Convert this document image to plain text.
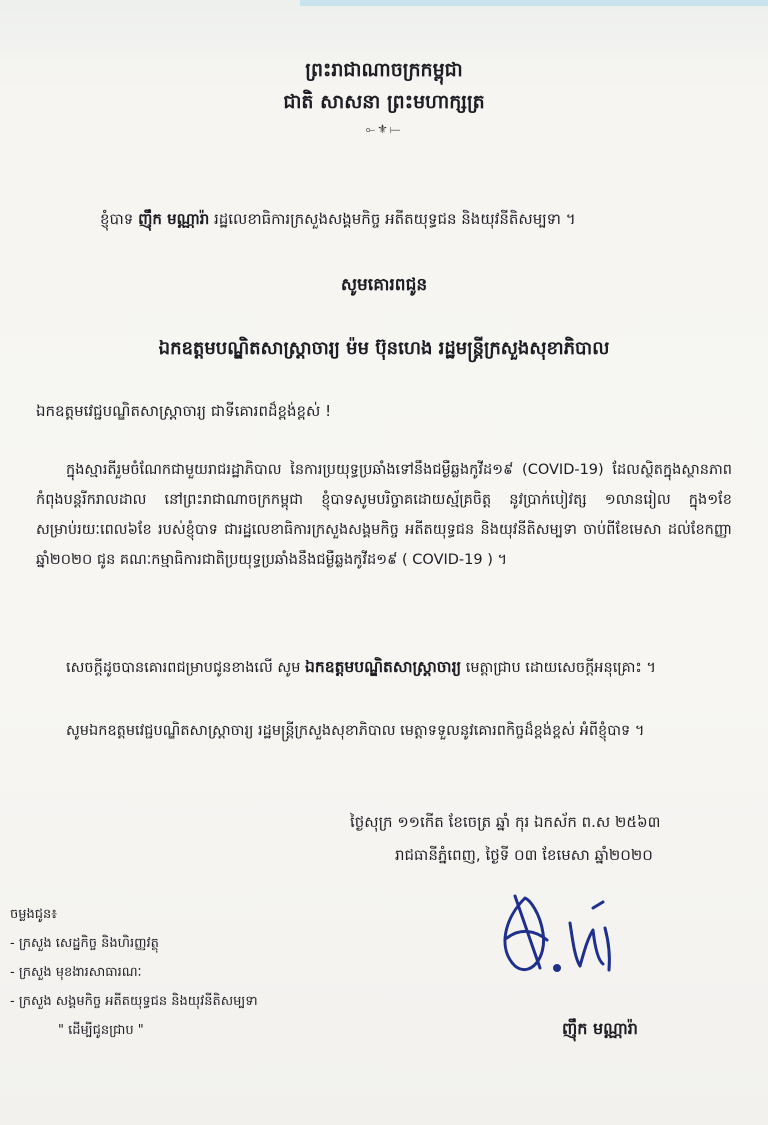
ព្រះរាជាណាចក្រកម្ពុជា
ជាតិ សាសនា ព្រះមហាក្សត្រ
⟜⚜⟝
ខ្ញុំបាទ ញ៉ឹក មណ្ណារ៉ា រដ្ឋលេខាធិការក្រសួងសង្គមកិច្ច អតីតយុទ្ធជន និងយុវនីតិសម្បទា ។
សូមគោរពជូន
ឯកឧត្តមបណ្ឌិតសាស្ត្រាចារ្យ ម៉ម ប៊ុនហេង រដ្ឋមន្ត្រីក្រសួងសុខាភិបាល
ឯកឧត្តមវេជ្ជបណ្ឌិតសាស្ត្រាចារ្យ ជាទីគោរពដ៏ខ្ពង់ខ្ពស់ !
ក្នុងស្មារតីរួមចំណែកជាមួយរាជរដ្ឋាភិបាល នៃការប្រយុទ្ធប្រឆាំងទៅនឹងជម្ងឺឆ្លងកូវីដ១៩ (COVID-19) ដែលស្ថិតក្នុងស្ថានភាពកំពុងបន្តរីករាលដាល នៅព្រះរាជាណាចក្រកម្ពុជា ខ្ញុំបាទសូមបរិច្ចាគដោយស្ម័គ្រចិត្ត នូវប្រាក់បៀវត្ស ១លានរៀល ក្នុង១ខែ សម្រាប់រយៈពេល៦ខែ របស់ខ្ញុំបាទ ជារដ្ឋលេខាធិការក្រសួងសង្គមកិច្ច អតីតយុទ្ធជន និងយុវនីតិសម្បទា ចាប់ពីខែមេសា ដល់ខែកញ្ញា ឆ្នាំ២០២០ ជូន គណៈកម្មាធិការជាតិប្រយុទ្ធប្រឆាំងនឹងជម្ងឺឆ្លងកូវីដ១៩ ( COVID-19 ) ។
សេចក្តីដូចបានគោរពជម្រាបជូនខាងលើ សូម ឯកឧត្តមបណ្ឌិតសាស្ត្រាចារ្យ មេត្តាជ្រាប ដោយសេចក្តីអនុគ្រោះ ។
សូមឯកឧត្តមវេជ្ជបណ្ឌិតសាស្ត្រាចារ្យ រដ្ឋមន្ត្រីក្រសួងសុខាភិបាល មេត្តាទទួលនូវគោរពកិច្ចដ៏ខ្ពង់ខ្ពស់ អំពីខ្ញុំបាទ ។
ថ្ងៃសុក្រ ១១កើត ខែចេត្រ ឆ្នាំ កុរ ឯកស័ក ព.ស ២៥៦៣
រាជធានីភ្នំពេញ, ថ្ងៃទី ០៣ ខែមេសា ឆ្នាំ២០២០
ចម្លងជូន៖
- ក្រសួង សេដ្ឋកិច្ច និងហិរញ្ញវត្ថុ
- ក្រសួង មុខងារសាធារណៈ
- ក្រសួង សង្គមកិច្ច អតីតយុទ្ធជន និងយុវនីតិសម្បទា
" ដើម្បីជូនជ្រាប "	ញ៉ឹក មណ្ណារ៉ា
